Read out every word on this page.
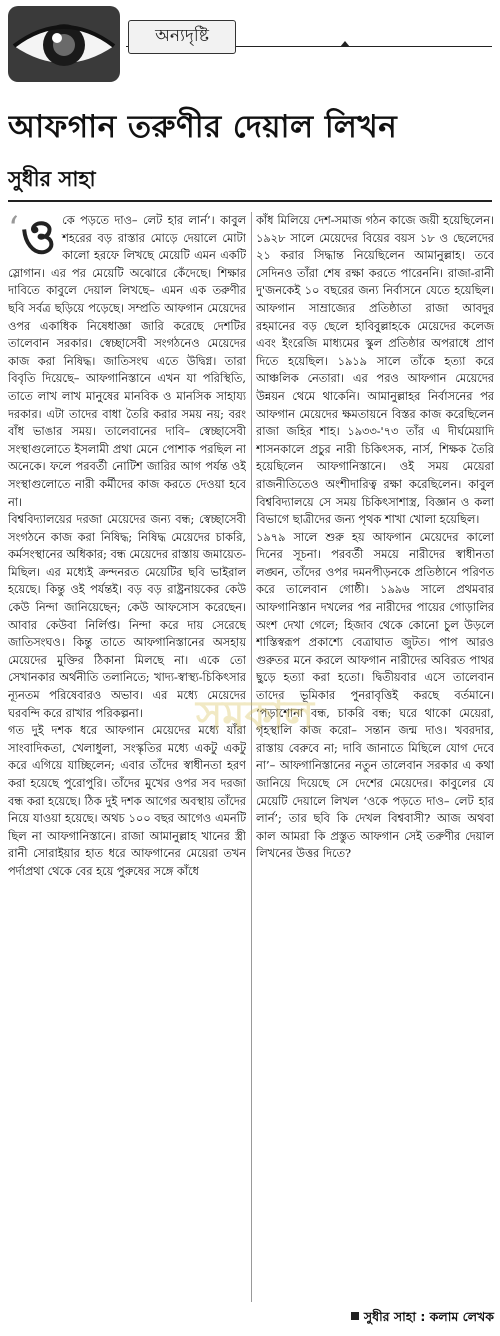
অন্যদৃষ্টি
আফগান তরুণীর দেয়াল লিখন
সুধীর সাহা
‘ ও কে পড়তে দাও– লেট হার লার্ন’। কাবুল শহরের বড় রাস্তার মোড়ে দেয়ালে মোটা কালো হরফে লিখছে মেয়েটি এমন একটি স্লোগান। এর পর মেয়েটি অঝোরে কেঁদেছে। শিক্ষার দাবিতে কাবুলে দেয়াল লিখছে– এমন এক তরুণীর ছবি সর্বত্র ছড়িয়ে পড়েছে। সম্প্রতি আফগান মেয়েদের ওপর একাধিক নিষেধাজ্ঞা জারি করেছে দেশটির তালেবান সরকার। স্বেচ্ছাসেবী সংগঠনেও মেয়েদের কাজ করা নিষিদ্ধ। জাতিসংঘ এতে উদ্বিগ্ন। তারা বিবৃতি দিয়েছে– আফগানিস্তানে এখন যা পরিস্থিতি, তাতে লাখ লাখ মানুষের মানবিক ও মানসিক সাহায্য দরকার। এটা তাদের বাধা তৈরি করার সময় নয়; বরং বাঁধ ভাঙার সময়। তালেবানের দাবি– স্বেচ্ছাসেবী সংস্থাগুলোতে ইসলামী প্রথা মেনে পোশাক পরছিল না অনেকে। ফলে পরবর্তী নোটিশ জারির আগ পর্যন্ত ওই সংস্থাগুলোতে নারী কর্মীদের কাজ করতে দেওয়া হবে না।

বিশ্ববিদ্যালয়ের দরজা মেয়েদের জন্য বন্ধ; স্বেচ্ছাসেবী সংগঠনে কাজ করা নিষিদ্ধ; নিষিদ্ধ মেয়েদের চাকরি, কর্মসংস্থানের অধিকার; বন্ধ মেয়েদের রাস্তায় জমায়েত-মিছিল। এর মধ্যেই ক্রন্দনরত মেয়েটির ছবি ভাইরাল হয়েছে। কিন্তু ওই পর্যন্তই। বড় বড় রাষ্ট্রনায়কের কেউ কেউ নিন্দা জানিয়েছেন; কেউ আফসোস করেছেন। আবার কেউবা নির্লিপ্ত। নিন্দা করে দায় সেরেছে জাতিসংঘও। কিন্তু তাতে আফগানিস্তানের অসহায় মেয়েদের মুক্তির ঠিকানা মিলছে না। একে তো সেখানকার অর্থনীতি তলানিতে; খাদ্য-স্বাস্থ্য-চিকিৎসার ন্যূনতম পরিষেবারও অভাব। এর মধ্যে মেয়েদের ঘরবন্দি করে রাখার পরিকল্পনা।

গত দুই দশক ধরে আফগান মেয়েদের মধ্যে যাঁরা সাংবাদিকতা, খেলাধুলা, সংস্কৃতির মধ্যে একটু একটু করে এগিয়ে যাচ্ছিলেন; এবার তাঁদের স্বাধীনতা হরণ করা হয়েছে পুরোপুরি। তাঁদের মুখের ওপর সব দরজা বন্ধ করা হয়েছে। ঠিক দুই দশক আগের অবস্থায় তাঁদের নিয়ে যাওয়া হয়েছে। অথচ ১০০ বছর আগেও এমনটি ছিল না আফগানিস্তানে। রাজা আমানুল্লাহ খানের স্ত্রী রানী সোরাইয়ার হাত ধরে আফগানের মেয়েরা তখন পর্দাপ্রথা থেকে বের হয়ে পুরুষের সঙ্গে কাঁধে

কাঁধ মিলিয়ে দেশ-সমাজ গঠন কাজে জয়ী হয়েছিলেন। ১৯২৮ সালে মেয়েদের বিয়ের বয়স ১৮ ও ছেলেদের ২১ করার সিদ্ধান্ত নিয়েছিলেন আমানুল্লাহ। তবে সেদিনও তাঁরা শেষ রক্ষা করতে পারেননি। রাজা-রানী দু'জনকেই ১০ বছরের জন্য নির্বাসনে যেতে হয়েছিল। আফগান সাম্রাজ্যের প্রতিষ্ঠাতা রাজা আবদুর রহমানের বড় ছেলে হাবিবুল্লাহকে মেয়েদের কলেজ এবং ইংরেজি মাধ্যমের স্কুল প্রতিষ্ঠার অপরাধে প্রাণ দিতে হয়েছিল। ১৯১৯ সালে তাঁকে হত্যা করে আঞ্চলিক নেতারা। এর পরও আফগান মেয়েদের উন্নয়ন থেমে থাকেনি। আমানুল্লাহর নির্বাসনের পর আফগান মেয়েদের ক্ষমতায়নে বিস্তর কাজ করেছিলেন রাজা জহির শাহ। ১৯৩৩-'৭৩ তাঁর এ দীর্ঘমেয়াদি শাসনকালে প্রচুর নারী চিকিৎসক, নার্স, শিক্ষক তৈরি হয়েছিলেন আফগানিস্তানে। ওই সময় মেয়েরা রাজনীতিতেও অংশীদারিত্ব রক্ষা করেছিলেন। কাবুল বিশ্ববিদ্যালয়ে সে সময় চিকিৎসাশাস্ত্র, বিজ্ঞান ও কলা বিভাগে ছাত্রীদের জন্য পৃথক শাখা খোলা হয়েছিল।

১৯৭৯ সালে শুরু হয় আফগান মেয়েদের কালো দিনের সূচনা। পরবর্তী সময়ে নারীদের স্বাধীনতা লঙ্ঘন, তাঁদের ওপর দমনপীড়নকে প্রতিষ্ঠানে পরিণত করে তালেবান গোষ্ঠী। ১৯৯৬ সালে প্রথমবার আফগানিস্তান দখলের পর নারীদের পায়ের গোড়ালির অংশ দেখা গেলে; হিজাব থেকে কোনো চুল উড়লে শাস্তিস্বরূপ প্রকাশ্যে বেত্রাঘাত জুটত। পাপ আরও গুরুতর মনে করলে আফগান নারীদের অবিরত পাথর ছুড়ে হত্যা করা হতো। দ্বিতীয়বার এসে তালেবান তাদের ভূমিকার পুনরাবৃত্তিই করছে বর্তমানে। ‘পড়াশোনা বন্ধ, চাকরি বন্ধ; ঘরে থাকো মেয়েরা, গৃহস্থালি কাজ করো– সন্তান জন্ম দাও। খবরদার, রাস্তায় বেরুবে না; দাবি জানাতে মিছিলে যোগ দেবে না’– আফগানিস্তানের নতুন তালেবান সরকার এ কথা জানিয়ে দিয়েছে সে দেশের মেয়েদের। কাবুলের যে মেয়েটি দেয়ালে লিখল ‘ওকে পড়তে দাও– লেট হার লার্ন’; তার ছবি কি দেখল বিশ্ববাসী? আজ অথবা কাল আমরা কি প্রস্তুত আফগান সেই তরুণীর দেয়াল লিখনের উত্তর দিতে?

সুধীর সাহা : কলাম লেখক
সমকাল
